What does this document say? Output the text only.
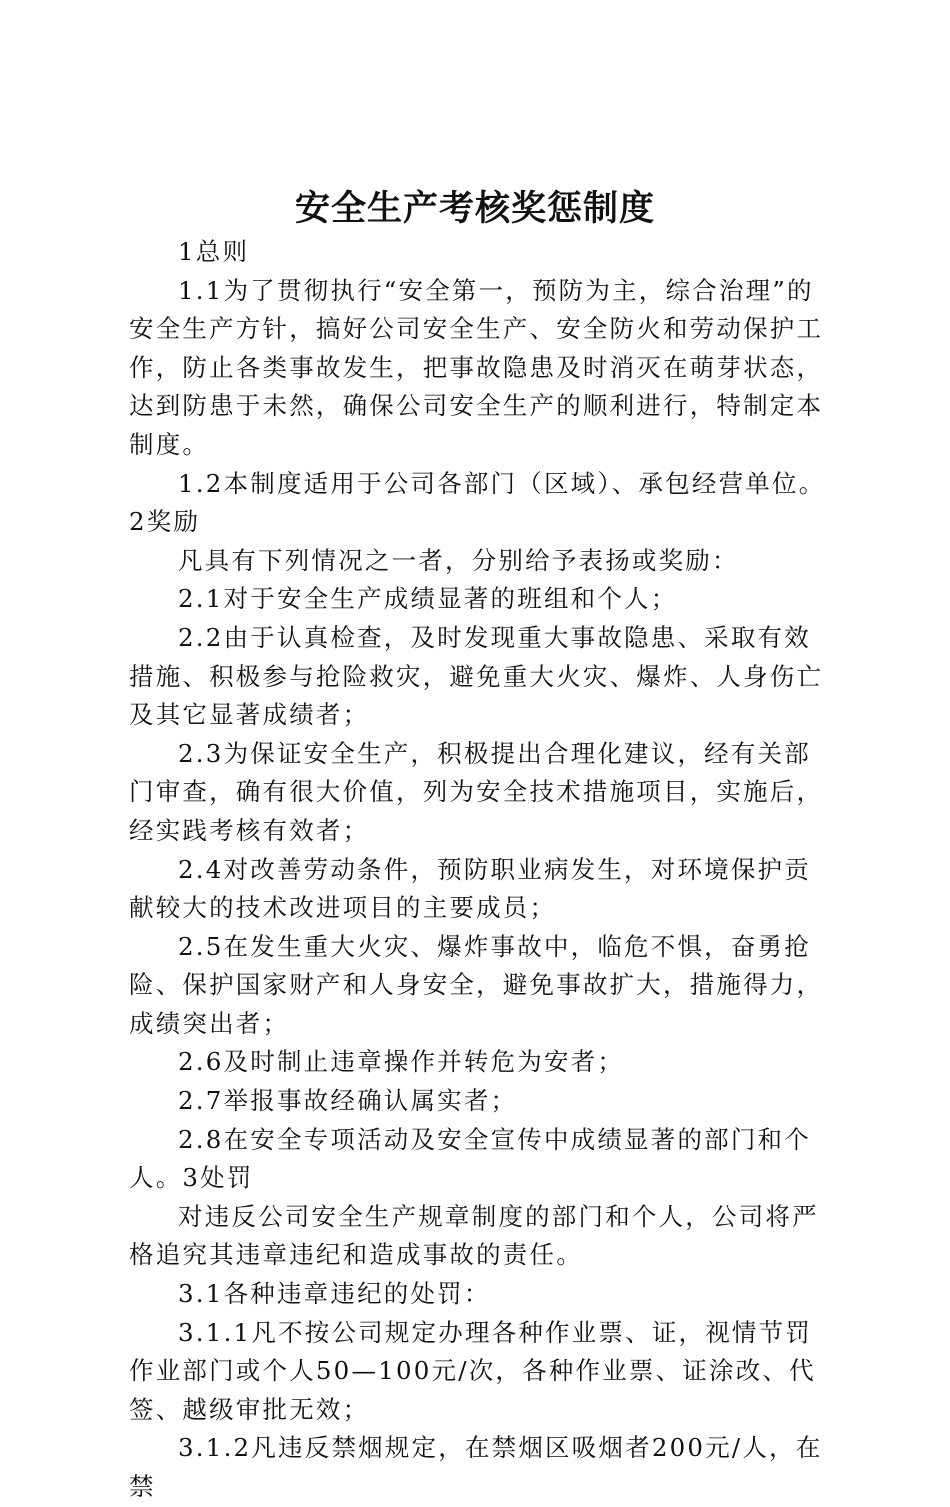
安全生产考核奖惩制度

1总则

1.1为了贯彻执行“安全第一，预防为主，综合治理”的安全生产方针，搞好公司安全生产、安全防火和劳动保护工作，防止各类事故发生，把事故隐患及时消灭在萌芽状态，达到防患于未然，确保公司安全生产的顺利进行，特制定本制度。

1.2本制度适用于公司各部门（区域）、承包经营单位。2奖励

凡具有下列情况之一者，分别给予表扬或奖励：

2.1对于安全生产成绩显著的班组和个人；

2.2由于认真检查，及时发现重大事故隐患、采取有效措施、积极参与抢险救灾，避免重大火灾、爆炸、人身伤亡及其它显著成绩者；

2.3为保证安全生产，积极提出合理化建议，经有关部门审查，确有很大价值，列为安全技术措施项目，实施后，经实践考核有效者；

2.4对改善劳动条件，预防职业病发生，对环境保护贡献较大的技术改进项目的主要成员；

2.5在发生重大火灾、爆炸事故中，临危不惧，奋勇抢险、保护国家财产和人身安全，避免事故扩大，措施得力，成绩突出者；

2.6及时制止违章操作并转危为安者；

2.7举报事故经确认属实者；

2.8在安全专项活动及安全宣传中成绩显著的部门和个人。3处罚

对违反公司安全生产规章制度的部门和个人，公司将严格追究其违章违纪和造成事故的责任。

3.1各种违章违纪的处罚：

3.1.1凡不按公司规定办理各种作业票、证，视情节罚作业部门或个人50—100元/次，各种作业票、证涂改、代签、越级审批无效；

3.1.2凡违反禁烟规定，在禁烟区吸烟者200元/人，在禁
